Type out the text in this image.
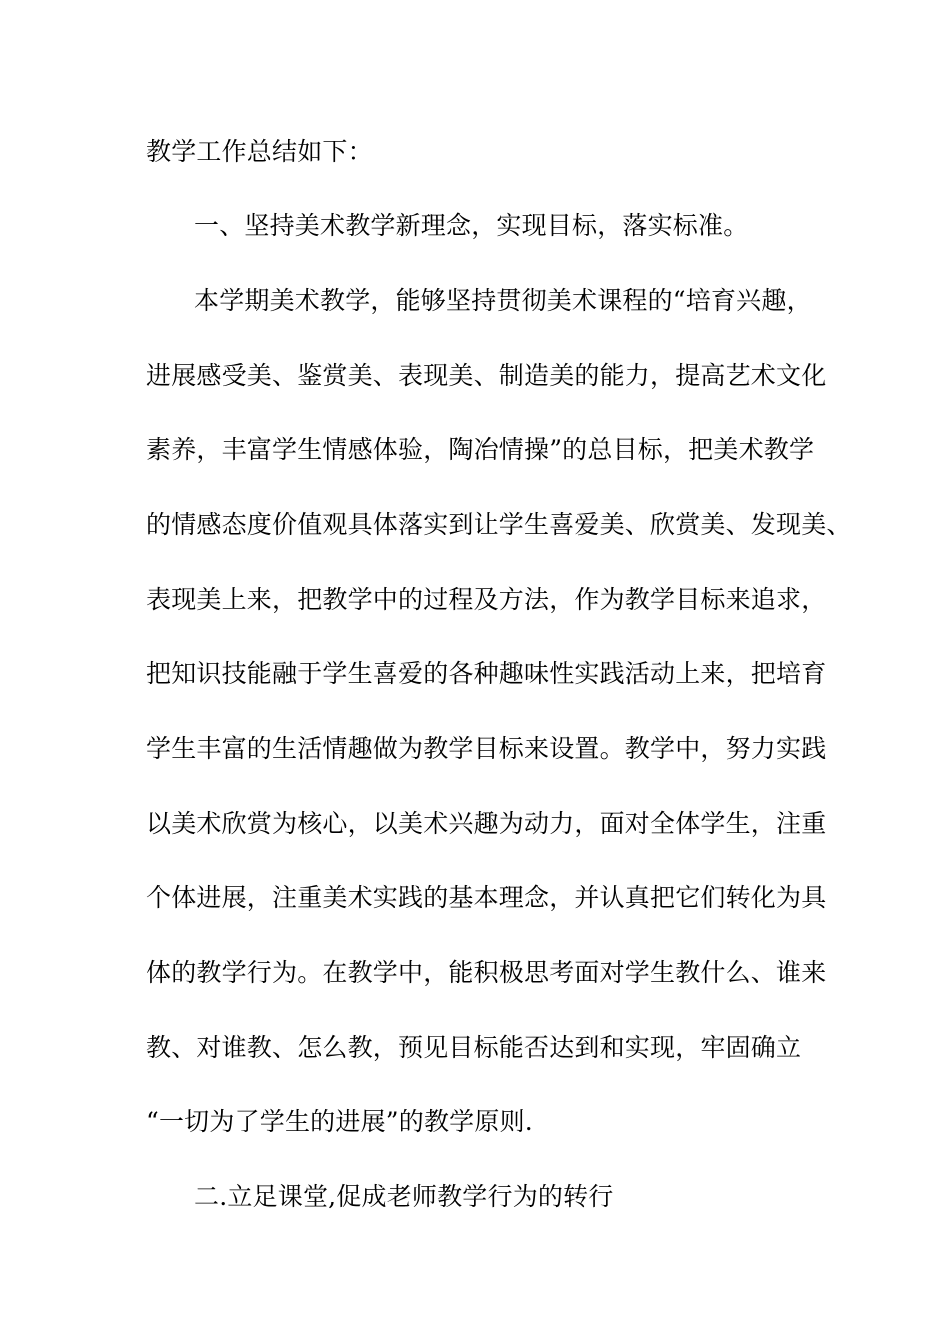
教学工作总结如下：
一、坚持美术教学新理念，实现目标，落实标准。
本学期美术教学，能够坚持贯彻美术课程的“培育兴趣，
进展感受美、鉴赏美、表现美、制造美的能力，提高艺术文化
素养，丰富学生情感体验，陶冶情操”的总目标，把美术教学
的情感态度价值观具体落实到让学生喜爱美、欣赏美、发现美、
表现美上来，把教学中的过程及方法，作为教学目标来追求，
把知识技能融于学生喜爱的各种趣味性实践活动上来，把培育
学生丰富的生活情趣做为教学目标来设置。教学中，努力实践
以美术欣赏为核心，以美术兴趣为动力，面对全体学生，注重
个体进展，注重美术实践的基本理念，并认真把它们转化为具
体的教学行为。在教学中，能积极思考面对学生教什么、谁来
教、对谁教、怎么教，预见目标能否达到和实现，牢固确立
“一切为了学生的进展”的教学原则.
二.立足课堂,促成老师教学行为的转行
